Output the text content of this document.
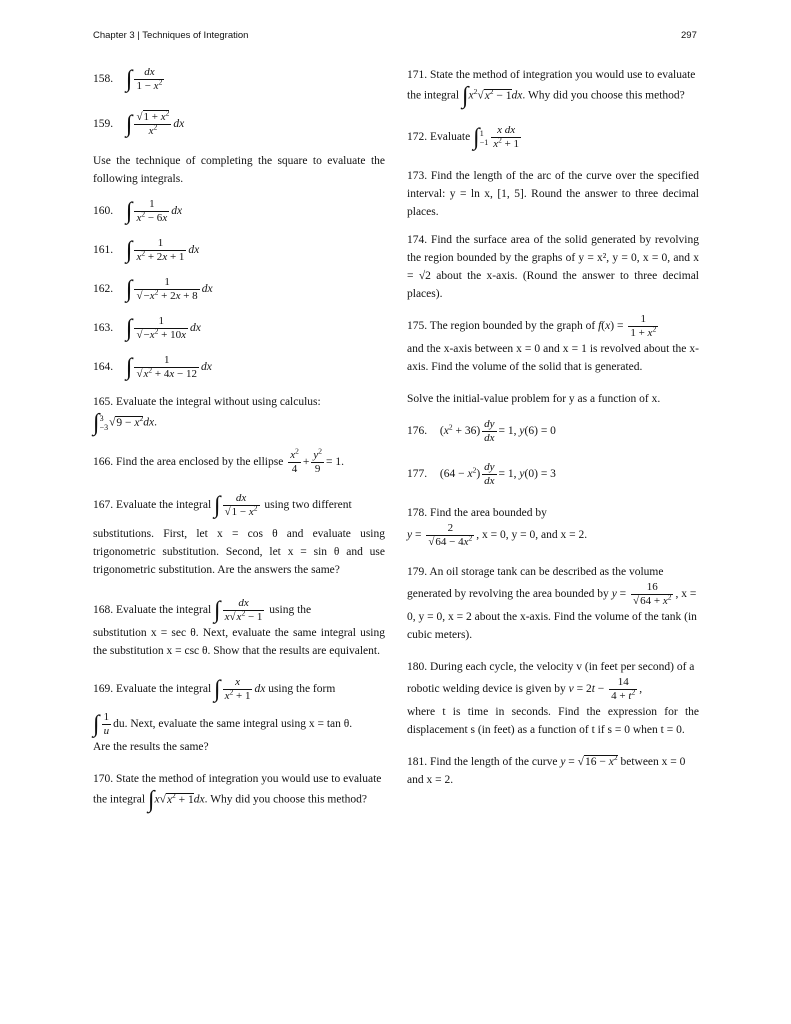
Chapter 3 | Techniques of Integration	297
158. ∫ $\frac{dx}{1 - x^2}$
159. ∫ $\frac{√1 + x^2}{x^2}$ dx

Use the technique of completing the square to evaluate the following integrals.

160. ∫ $\frac{1}{x^2 - 6x}$ dx
161. ∫ $\frac{1}{x^2 + 2x + 1}$ dx
162. ∫ $\frac{1}{√-x^2 + 2x + 8}$ dx
163. ∫ $\frac{1}{√-x^2 + 10x}$ dx
164. ∫ $\frac{1}{√x^2 + 4x - 12}$ dx
165. Evaluate the integral without using calculus:
∫ 3
−3 $√9 - x^2dx$.
166. Find the area enclosed by the ellipse $\frac{x^2}{4} + \frac{y^2}{9} = 1$.
167. Evaluate the integral ∫ $\frac{dx}{√1 - x^2}$ using two different
substitutions. First, let x = cos θ and evaluate using trigonometric substitution. Second, let x = sin θ and use trigonometric substitution. Are the answers the same?
168. Evaluate the integral ∫ $\frac{dx}{x√x^2 - 1}$ using the
substitution x = sec θ. Next, evaluate the same integral using the substitution x = csc θ. Show that the results are equivalent.
169. Evaluate the integral ∫ $\frac{x}{x^2 + 1}$ dx using the form
∫ $\frac{1}{u}$ du. Next, evaluate the same integral using x = tan θ.
Are the results the same?
170. State the method of integration you would use to evaluate the integral $\int x√x^2 + 1dx$. Why did you choose this method?
171. State the method of integration you would use to evaluate the integral $\int x^2√x^2 - 1dx$. Why did you choose this method?
172. Evaluate ∫ 1
$-1 \frac{\text{x dx}}{x^2 + 1}$

173. Find the length of the arc of the curve over the specified interval: y = ln x, [1, 5]. Round the answer to three decimal places.

174. Find the surface area of the solid generated by revolving the region bounded by the graphs of y = x², y = 0, x = 0, and x = √2 about the x-axis. (Round the answer to three decimal places).

175. The region bounded by the graph of $f(x) = \frac{1}{1 + x^2}$
and the x-axis between x = 0 and x = 1 is revolved about the x-axis. Find the volume of the solid that is generated.

Solve the initial-value problem for y as a function of x.

176. $(x^2 + 36) \frac{dy}{dx} = 1$, y(6) = 0
177. $(64 - x^2) \frac{dy}{dx} = 1$, y(0) = 3
178. Find the area bounded by
$y = \frac{2}{√64 - 4x^2}$ , x = 0, y = 0, and x = 2.
179. An oil storage tank can be described as the volume generated by revolving the area bounded by $y = \frac{16}{√64 + x^2}$ , x = 0, y = 0, x = 2 about the x-axis. Find the volume of the tank (in cubic meters).
180. During each cycle, the velocity v (in feet per second) of a robotic welding device is given by $v = 2t - \frac{14}{4 + t^2}$ ,
where t is time in seconds. Find the expression for the displacement s (in feet) as a function of t if s = 0 when t = 0.
181. Find the length of the curve $y = √16 - x^2$ between x = 0 and x = 2.
